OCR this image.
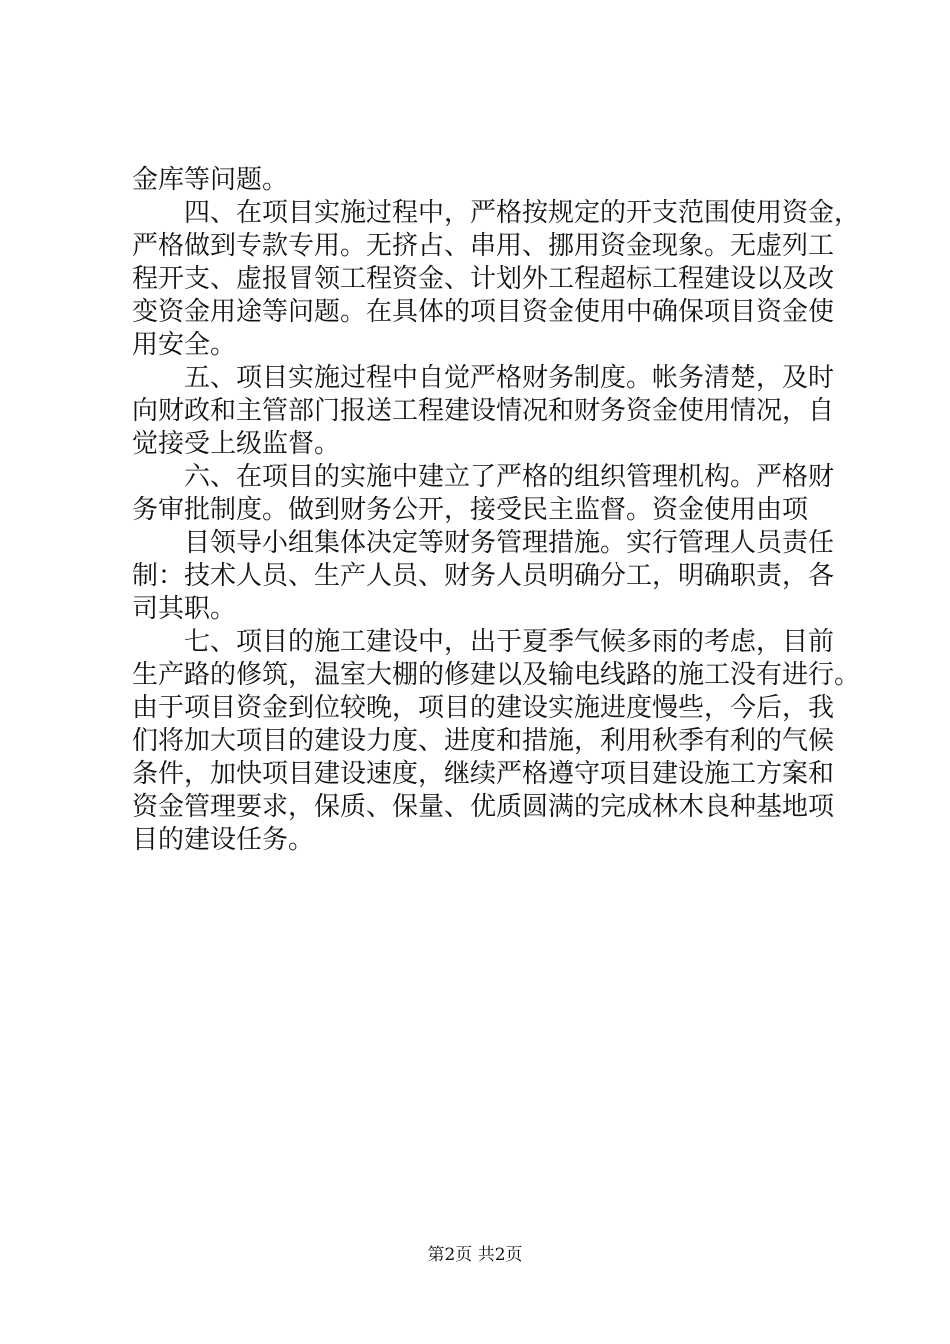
金库等问题。
四、在项目实施过程中，严格按规定的开支范围使用资金，
严格做到专款专用。无挤占、串用、挪用资金现象。无虚列工
程开支、虚报冒领工程资金、计划外工程超标工程建设以及改
变资金用途等问题。在具体的项目资金使用中确保项目资金使
用安全。
五、项目实施过程中自觉严格财务制度。帐务清楚，及时
向财政和主管部门报送工程建设情况和财务资金使用情况，自
觉接受上级监督。
六、在项目的实施中建立了严格的组织管理机构。严格财
务审批制度。做到财务公开，接受民主监督。资金使用由项
目领导小组集体决定等财务管理措施。实行管理人员责任
制：技术人员、生产人员、财务人员明确分工，明确职责，各
司其职。
七、项目的施工建设中，出于夏季气候多雨的考虑，目前
生产路的修筑，温室大棚的修建以及输电线路的施工没有进行。
由于项目资金到位较晚，项目的建设实施进度慢些，今后，我
们将加大项目的建设力度、进度和措施，利用秋季有利的气候
条件，加快项目建设速度，继续严格遵守项目建设施工方案和
资金管理要求，保质、保量、优质圆满的完成林木良种基地项
目的建设任务。
第2页 共2页
